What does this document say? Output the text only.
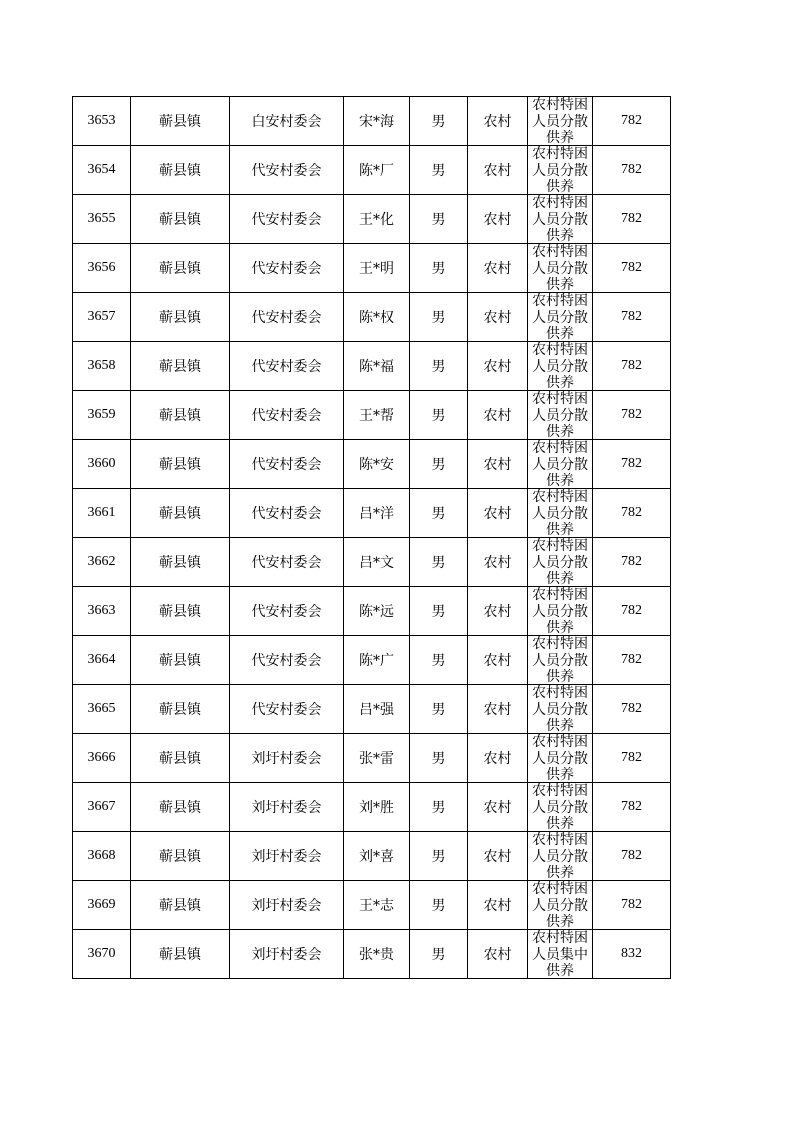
3653	蕲县镇	白安村委会	宋*海	男	农村	农村特困人员分散供养	782
3654	蕲县镇	代安村委会	陈*厂	男	农村	农村特困人员分散供养	782
3655	蕲县镇	代安村委会	王*化	男	农村	农村特困人员分散供养	782
3656	蕲县镇	代安村委会	王*明	男	农村	农村特困人员分散供养	782
3657	蕲县镇	代安村委会	陈*权	男	农村	农村特困人员分散供养	782
3658	蕲县镇	代安村委会	陈*福	男	农村	农村特困人员分散供养	782
3659	蕲县镇	代安村委会	王*帮	男	农村	农村特困人员分散供养	782
3660	蕲县镇	代安村委会	陈*安	男	农村	农村特困人员分散供养	782
3661	蕲县镇	代安村委会	吕*洋	男	农村	农村特困人员分散供养	782
3662	蕲县镇	代安村委会	吕*文	男	农村	农村特困人员分散供养	782
3663	蕲县镇	代安村委会	陈*远	男	农村	农村特困人员分散供养	782
3664	蕲县镇	代安村委会	陈*广	男	农村	农村特困人员分散供养	782
3665	蕲县镇	代安村委会	吕*强	男	农村	农村特困人员分散供养	782
3666	蕲县镇	刘圩村委会	张*雷	男	农村	农村特困人员分散供养	782
3667	蕲县镇	刘圩村委会	刘*胜	男	农村	农村特困人员分散供养	782
3668	蕲县镇	刘圩村委会	刘*喜	男	农村	农村特困人员分散供养	782
3669	蕲县镇	刘圩村委会	王*志	男	农村	农村特困人员分散供养	782
3670	蕲县镇	刘圩村委会	张*贵	男	农村	农村特困人员集中供养	832
